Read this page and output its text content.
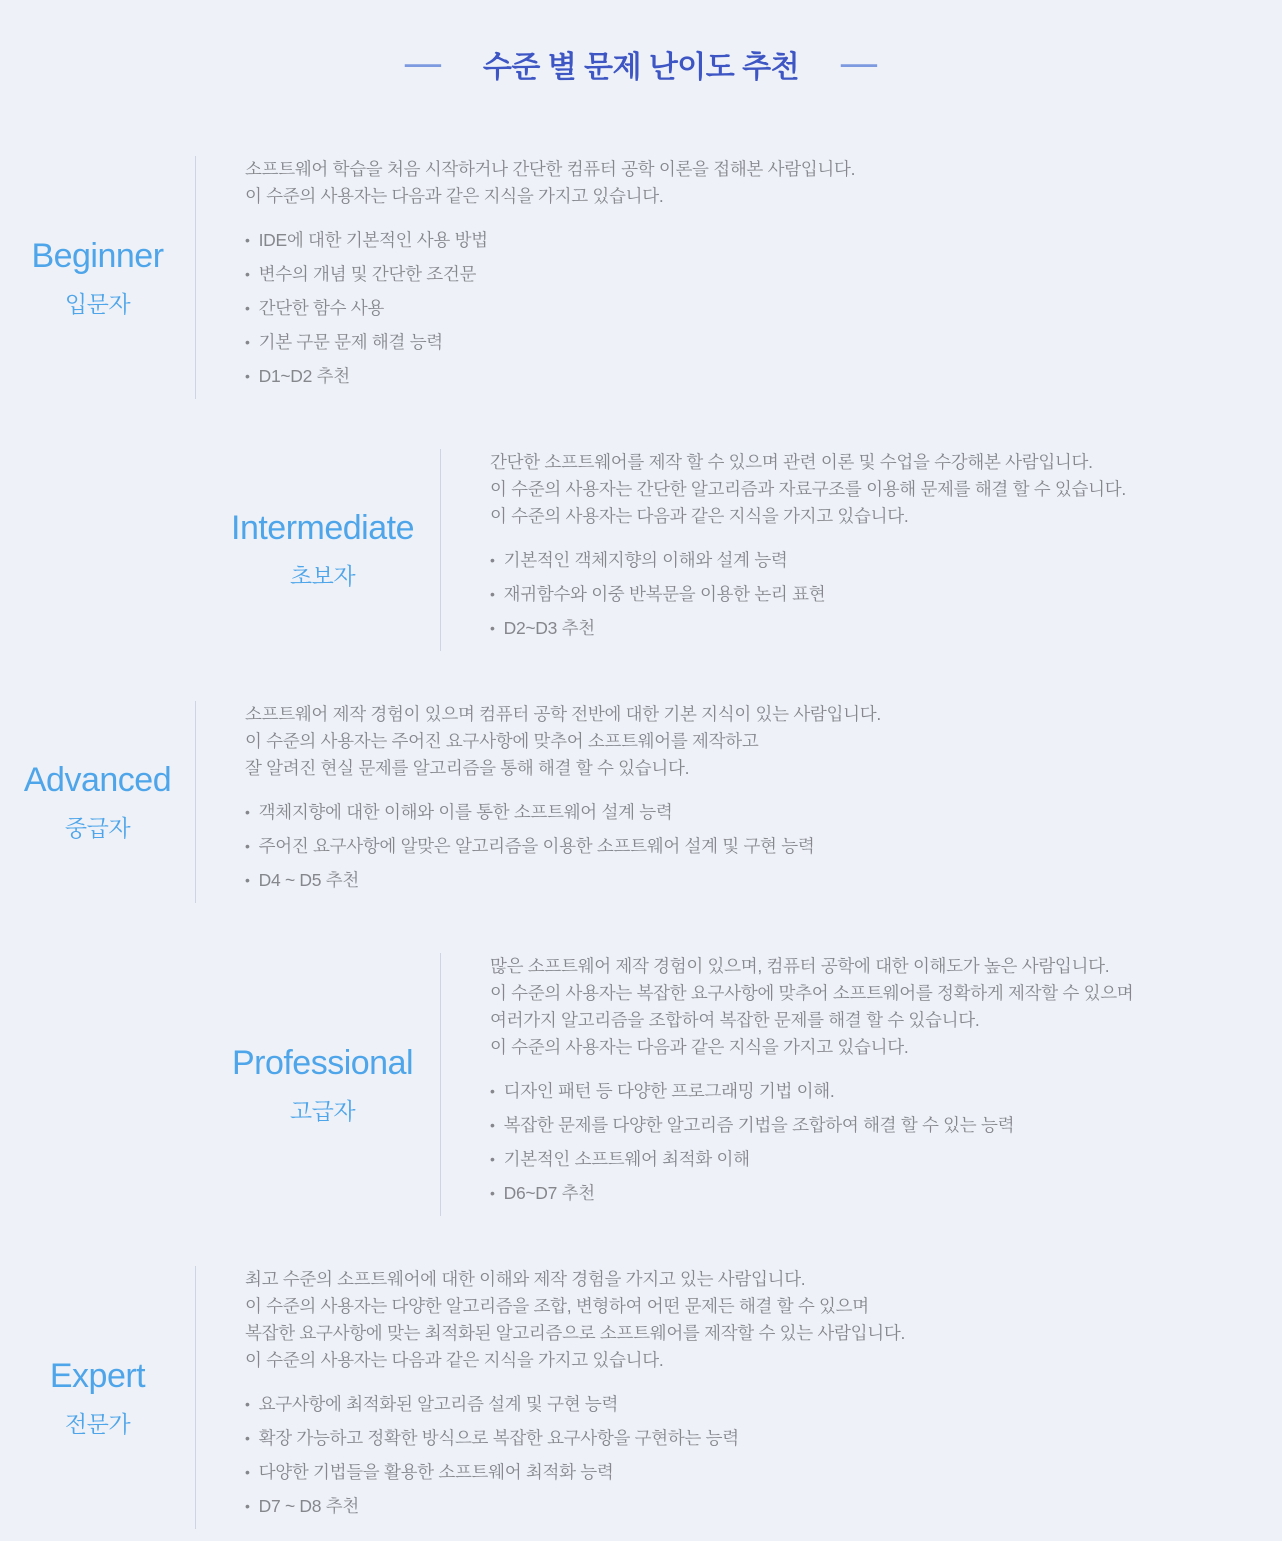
— 수준 별 문제 난이도 추천 —
Beginner
입문자

소프트웨어 학습을 처음 시작하거나 간단한 컴퓨터 공학 이론을 접해본 사람입니다.

이 수준의 사용자는 다음과 같은 지식을 가지고 있습니다.

• IDE에 대한 기본적인 사용 방법
• 변수의 개념 및 간단한 조건문
• 간단한 함수 사용
• 기본 구문 문제 해결 능력
• D1~D2 추천
Intermediate
초보자

간단한 소프트웨어를 제작 할 수 있으며 관련 이론 및 수업을 수강해본 사람입니다.

이 수준의 사용자는 간단한 알고리즘과 자료구조를 이용해 문제를 해결 할 수 있습니다.

이 수준의 사용자는 다음과 같은 지식을 가지고 있습니다.

• 기본적인 객체지향의 이해와 설계 능력
• 재귀함수와 이중 반복문을 이용한 논리 표현
• D2~D3 추천
Advanced
중급자

소프트웨어 제작 경험이 있으며 컴퓨터 공학 전반에 대한 기본 지식이 있는 사람입니다.

이 수준의 사용자는 주어진 요구사항에 맞추어 소프트웨어를 제작하고

잘 알려진 현실 문제를 알고리즘을 통해 해결 할 수 있습니다.

• 객체지향에 대한 이해와 이를 통한 소프트웨어 설계 능력
• 주어진 요구사항에 알맞은 알고리즘을 이용한 소프트웨어 설계 및 구현 능력
• D4 ~ D5 추천
Professional
고급자

많은 소프트웨어 제작 경험이 있으며, 컴퓨터 공학에 대한 이해도가 높은 사람입니다.

이 수준의 사용자는 복잡한 요구사항에 맞추어 소프트웨어를 정확하게 제작할 수 있으며

여러가지 알고리즘을 조합하여 복잡한 문제를 해결 할 수 있습니다.

이 수준의 사용자는 다음과 같은 지식을 가지고 있습니다.

• 디자인 패턴 등 다양한 프로그래밍 기법 이해.
• 복잡한 문제를 다양한 알고리즘 기법을 조합하여 해결 할 수 있는 능력
• 기본적인 소프트웨어 최적화 이해
• D6~D7 추천
Expert
전문가

최고 수준의 소프트웨어에 대한 이해와 제작 경험을 가지고 있는 사람입니다.

이 수준의 사용자는 다양한 알고리즘을 조합, 변형하여 어떤 문제든 해결 할 수 있으며

복잡한 요구사항에 맞는 최적화된 알고리즘으로 소프트웨어를 제작할 수 있는 사람입니다.

이 수준의 사용자는 다음과 같은 지식을 가지고 있습니다.

• 요구사항에 최적화된 알고리즘 설계 및 구현 능력
• 확장 가능하고 정확한 방식으로 복잡한 요구사항을 구현하는 능력
• 다양한 기법들을 활용한 소프트웨어 최적화 능력
• D7 ~ D8 추천
